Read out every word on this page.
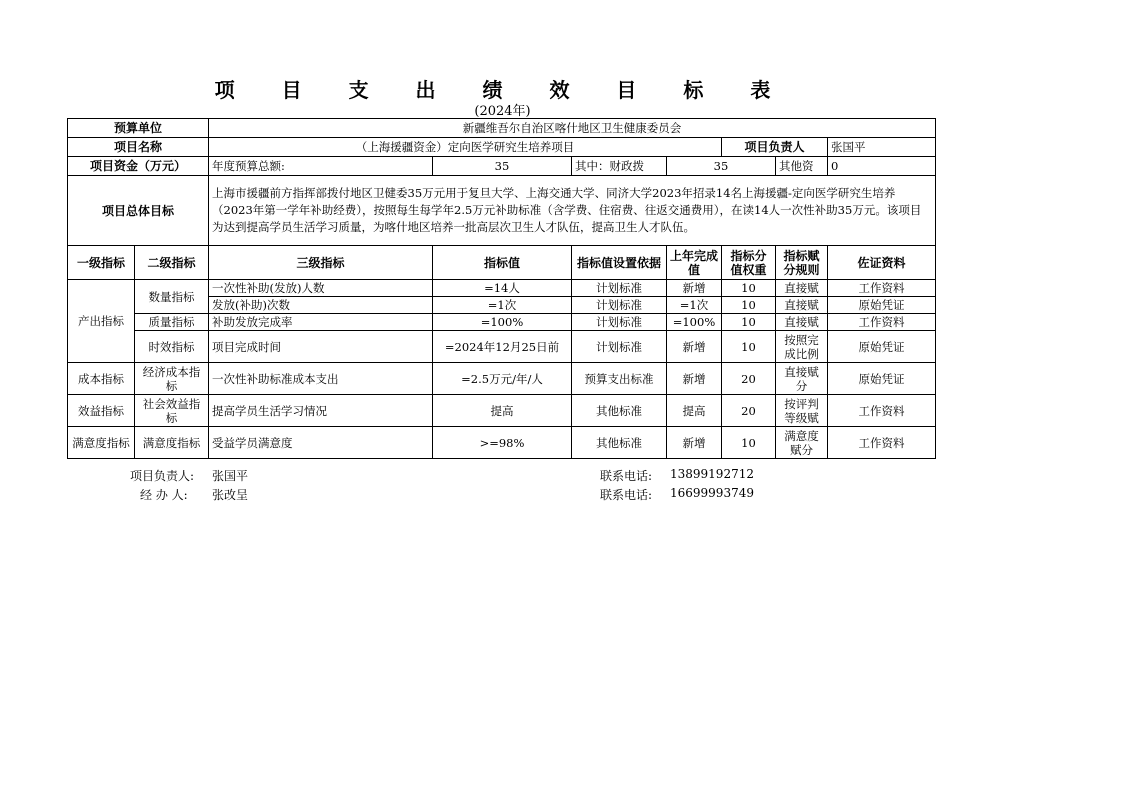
项 目 支 出 绩 效 目 标 表
(2024年)
预算单位		新疆维吾尔自治区喀什地区卫生健康委员会						
项目名称		（上海援疆资金）定向医学研究生培养项目				项目负责人		张国平
项目资金（万元）		年度预算总额:	35	其中：财政拨	35		其他资	0
项目总体目标		上海市援疆前方指挥部拨付地区卫健委35万元用于复旦大学、上海交通大学、同济大学2023年招录14名上海援疆-定向医学研究生培养（2023年第一学年补助经费），按照每生每学年2.5万元补助标准（含学费、住宿费、往返交通费用），在读14人一次性补助35万元。该项目为达到提高学员生活学习质量，为喀什地区培养一批高层次卫生人才队伍，提高卫生人才队伍。						
一级指标	二级指标	三级指标	指标值	指标值设置依据	上年完成值	指标分值权重	指标赋分规则	佐证资料
产出指标	数量指标	一次性补助(发放)人数	=14人	计划标准	新增	10	直接赋	工作资料
		发放(补助)次数	=1次	计划标准	=1次	10	直接赋	原始凭证
	质量指标	补助发放完成率	=100%	计划标准	=100%	10	直接赋	工作资料
	时效指标	项目完成时间	=2024年12月25日前	计划标准	新增	10	按照完成比例	原始凭证
成本指标	经济成本指标	一次性补助标准成本支出	=2.5万元/年/人	预算支出标准	新增	20	直接赋分	原始凭证
效益指标	社会效益指标	提高学员生活学习情况	提高	其他标准	提高	20	按评判等级赋	工作资料
满意度指标	满意度指标	受益学员满意度	>=98%	其他标准	新增	10	满意度赋分	工作资料
项目负责人: 张国平	联系电话: 13899192712
经 办 人: 张改呈	联系电话: 16699993749
